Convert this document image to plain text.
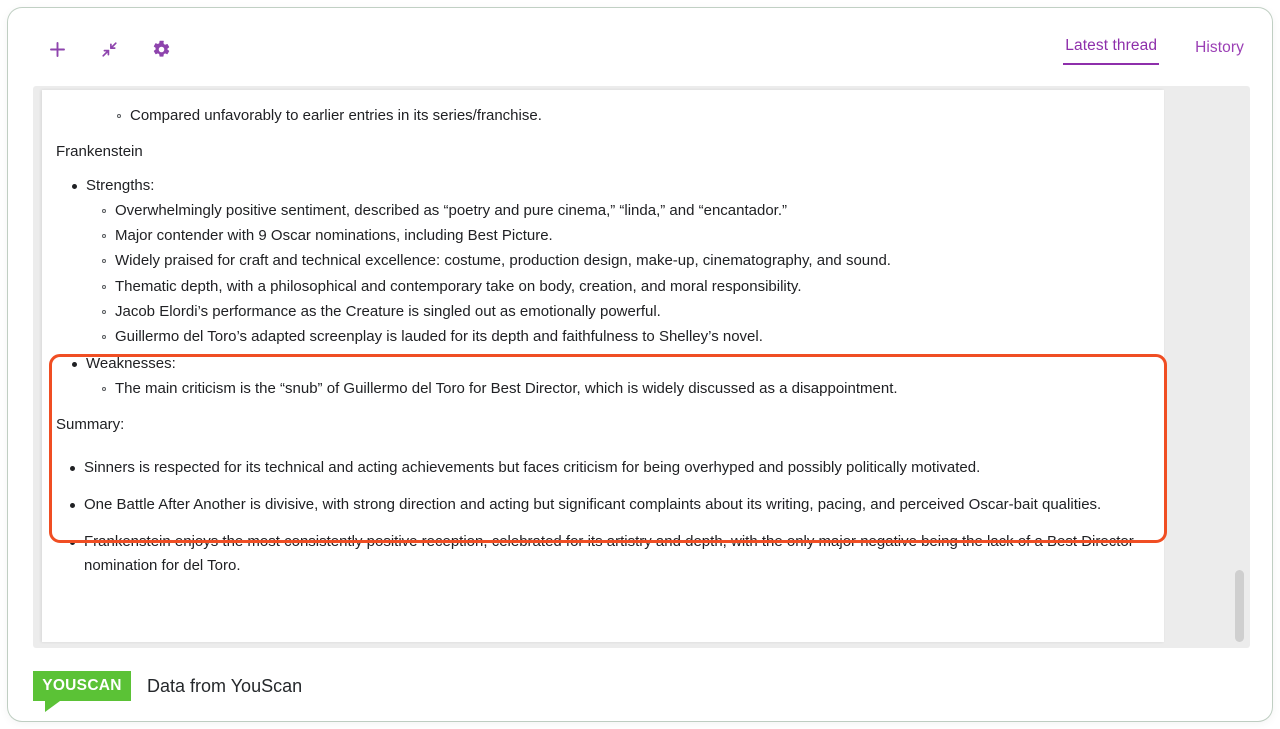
Latest thread History
Compared unfavorably to earlier entries in its series/franchise.
Frankenstein
Strengths:
Overwhelmingly positive sentiment, described as “poetry and pure cinema,” “linda,” and “encantador.”
Major contender with 9 Oscar nominations, including Best Picture.
Widely praised for craft and technical excellence: costume, production design, make-up, cinematography, and sound.
Thematic depth, with a philosophical and contemporary take on body, creation, and moral responsibility.
Jacob Elordi’s performance as the Creature is singled out as emotionally powerful.
Guillermo del Toro’s adapted screenplay is lauded for its depth and faithfulness to Shelley’s novel.
Weaknesses:
The main criticism is the “snub” of Guillermo del Toro for Best Director, which is widely discussed as a disappointment.
Summary:
Sinners is respected for its technical and acting achievements but faces criticism for being overhyped and possibly politically motivated.
One Battle After Another is divisive, with strong direction and acting but significant complaints about its writing, pacing, and perceived Oscar-bait qualities.
Frankenstein enjoys the most consistently positive reception, celebrated for its artistry and depth, with the only major negative being the lack of a Best Director nomination for del Toro.
YOUSCAN Data from YouScan
